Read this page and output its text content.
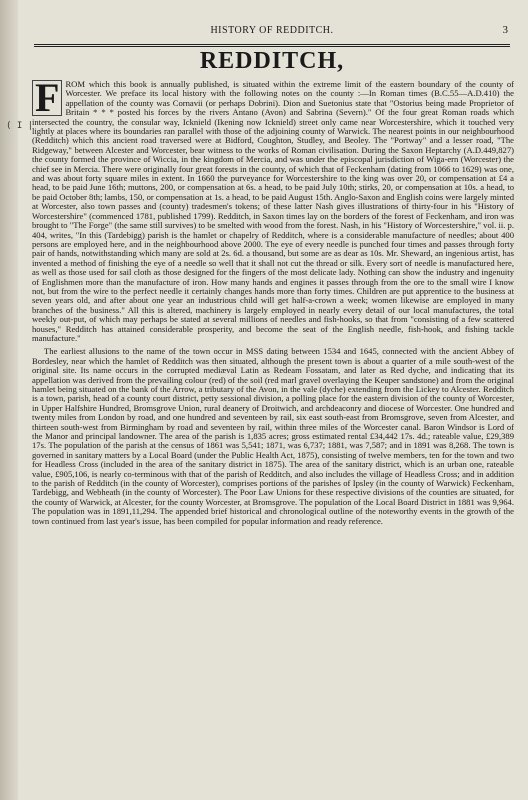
( I |
HISTORY OF REDDITCH.	3
REDDITCH,

F ROM which this book is annually published, is situated within the extreme limit of the eastern boundary of the county of Worcester. We preface its local history with the following notes on the county :—In Roman times (B.C.55—A.D.410) the appellation of the county was Cornavii (or perhaps Dobrini). Dion and Suetonius state that "Ostorius being made Proprietor of Britain * * * posted his forces by the rivers Antano (Avon) and Sabrina (Severn)." Of the four great Roman roads which intersected the country, the consular way, Icknield (Ikening now Icknield) street only came near Worcestershire, which it touched very lightly at places where its boundaries ran parallel with those of the adjoining county of Warwick. The nearest points in our neighbourhood (Redditch) which this ancient road traversed were at Bidford, Coughton, Studley, and Beoley. The "Portway" and a lesser road, "The Ridgeway," between Alcester and Worcester, bear witness to the works of Roman civilisation. During the Saxon Heptarchy (A.D.449,827) the county formed the province of Wiccia, in the kingdom of Mercia, and was under the episcopal jurisdiction of Wiga-ern (Worcester) the chief see in Mercia. There were originally four great forests in the county, of which that of Feckenham (dating from 1066 to 1629) was one, and was about forty square miles in extent. In 1660 the purveyance for Worcestershire to the king was over 20, or compensation at £4 a head, to be paid June 16th; muttons, 200, or compensation at 6s. a head, to be paid July 10th; stirks, 20, or compensation at 10s. a head, to be paid October 8th; lambs, 150, or compensation at 1s. a head, to be paid August 15th. Anglo-Saxon and English coins were largely minted at Worcester, also town passes and (county) tradesmen's tokens; of these latter Nash gives illustrations of thirty-four in his "History of Worcestershire" (commenced 1781, published 1799). Redditch, in Saxon times lay on the borders of the forest of Feckenham, and iron was brought to "The Forge" (the same still survives) to be smelted with wood from the forest. Nash, in his "History of Worcestershire," vol. ii. p. 404, writes, "In this (Tardebigg) parish is the hamlet or chapelry of Redditch, where is a considerable manufacture of needles; about 400 persons are employed here, and in the neighbourhood above 2000. The eye of every needle is punched four times and passes through forty pair of hands, notwithstanding which many are sold at 2s. 6d. a thousand, but some are as dear as 10s. Mr. Sheward, an ingenious artist, has invented a method of finishing the eye of a needle so well that it shall not cut the thread or silk. Every sort of needle is manufactured here, as well as those used for sail cloth as those designed for the fingers of the most delicate lady. Nothing can show the industry and ingenuity of Englishmen more than the manufacture of iron. How many hands and engines it passes through from the ore to the small wire I know not, but from the wire to the perfect needle it certainly changes hands more than forty times. Children are put apprentice to the business at seven years old, and after about one year an industrious child will get half-a-crown a week; women likewise are employed in many branches of the business." All this is altered, machinery is largely employed in nearly every detail of our local manufactures, the total weekly out-put, of which may perhaps be stated at several millions of needles and fish-hooks, so that from "consisting of a few scattered houses," Redditch has attained considerable prosperity, and become the seat of the English needle, fish-hook, and fishing tackle manufacture."

The earliest allusions to the name of the town occur in MSS dating between 1534 and 1645, connected with the ancient Abbey of Bordesley, near which the hamlet of Redditch was then situated, although the present town is about a quarter of a mile south-west of the original site. Its name occurs in the corrupted mediæval Latin as Redeam Fossatam, and later as Red dyche, and indicating that its appellation was derived from the prevailing colour (red) of the soil (red marl gravel overlaying the Keuper sandstone) and from the original hamlet being situated on the bank of the Arrow, a tributary of the Avon, in the vale (dyche) extending from the Lickey to Alcester. Redditch is a town, parish, head of a county court district, petty sessional division, a polling place for the eastern division of the county of Worcester, in Upper Halfshire Hundred, Bromsgrove Union, rural deanery of Droitwich, and archdeaconry and diocese of Worcester. One hundred and twenty miles from London by road, and one hundred and seventeen by rail, six east south-east from Bromsgrove, seven from Alcester, and thirteen south-west from Birmingham by road and seventeen by rail, within three miles of the Worcester canal. Baron Windsor is Lord of the Manor and principal landowner. The area of the parish is 1,835 acres; gross estimated rental £34,442 17s. 4d.; rateable value, £29,389 17s. The population of the parish at the census of 1861 was 5,541; 1871, was 6,737; 1881, was 7,587; and in 1891 was 8,268. The town is governed in sanitary matters by a Local Board (under the Public Health Act, 1875), consisting of twelve members, ten for the town and two for Headless Cross (included in the area of the sanitary district in 1875). The area of the sanitary district, which is an urban one, rateable value, £905,106, is nearly co-terminous with that of the parish of Redditch, and also includes the village of Headless Cross; and in addition to the parish of Redditch (in the county of Worcester), comprises portions of the parishes of Ipsley (in the county of Warwick) Feckenham, Tardebigg, and Webheath (in the county of Worcester). The Poor Law Unions for these respective divisions of the counties are situated, for the county of Warwick, at Alcester, for the county Worcester, at Bromsgrove. The population of the Local Board District in 1881 was 9,964. The population was in 1891,11,294. The appended brief historical and chronological outline of the noteworthy events in the growth of the town continued from last year's issue, has been compiled for popular information and ready reference.
